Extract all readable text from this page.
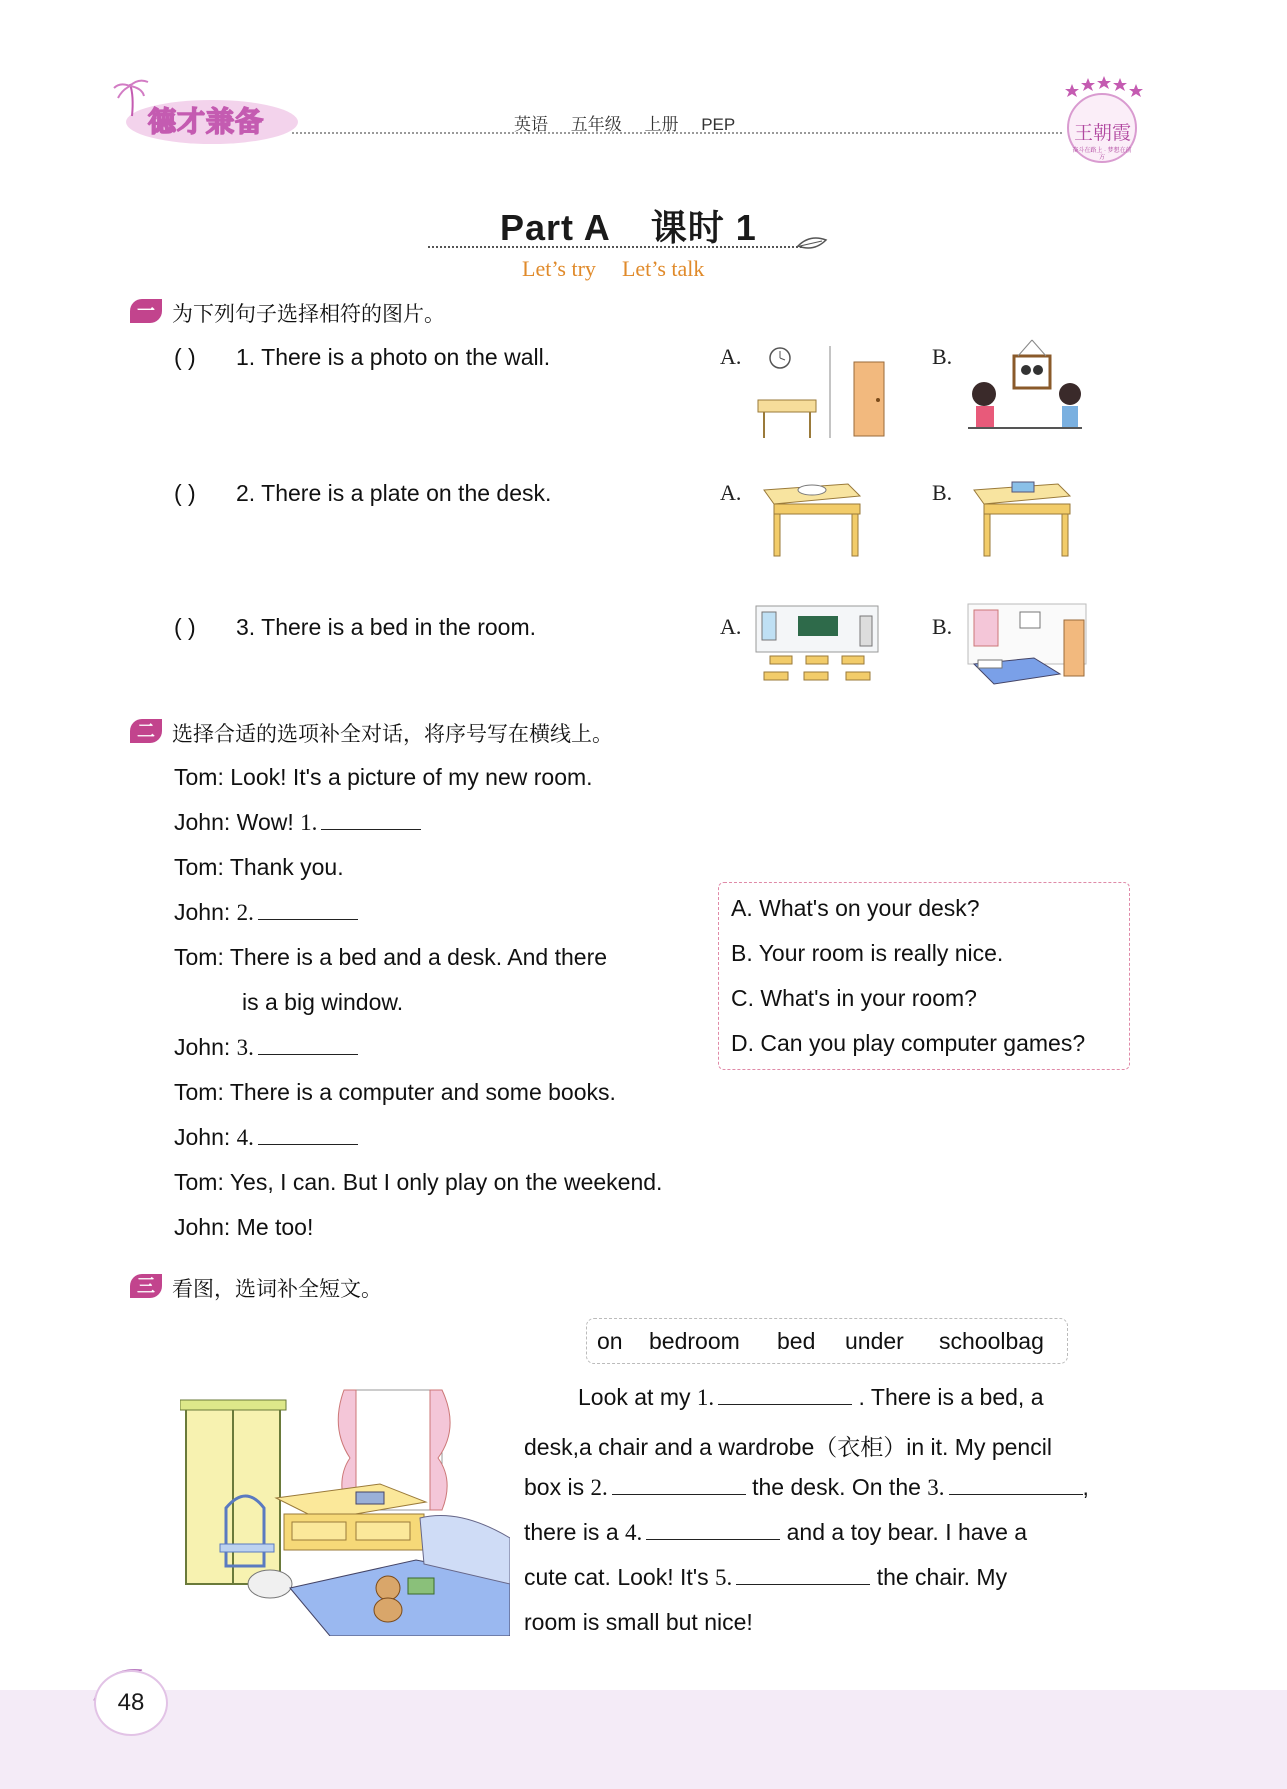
德才兼备	英语 五年级 上册 PEP	王朝霞
奋斗在路上 · 梦想在前方
Part A 课时 1
Let’s try Let’s talk
一 为下列句子选择相符的图片。
( ) 1. There is a photo on the wall.	A.	B.
( ) 2. There is a plate on the desk.	A.	B.
( ) 3. There is a bed in the room.	A.	B.
二 选择合适的选项补全对话，将序号写在横线上。
Tom: Look! It's a picture of my new room.
John: Wow! 1.
Tom: Thank you.
John: 2.
Tom: There is a bed and a desk. And there
is a big window.
John: 3.
Tom: There is a computer and some books.
John: 4.
Tom: Yes, I can. But I only play on the weekend.
John: Me too!
A. What's on your desk?
B. Your room is really nice.
C. What's in your room?
D. Can you play computer games?
三 看图，选词补全短文。
on bedroom bed under schoolbag
Look at my 1.	. There is a bed, a
desk,a chair and a wardrobe（衣柜）in it. My pencil
box is 2.	the desk. On the 3.	,
there is a 4.	and a toy bear. I have a
cute cat. Look! It's 5.	the chair. My
room is small but nice!
48
